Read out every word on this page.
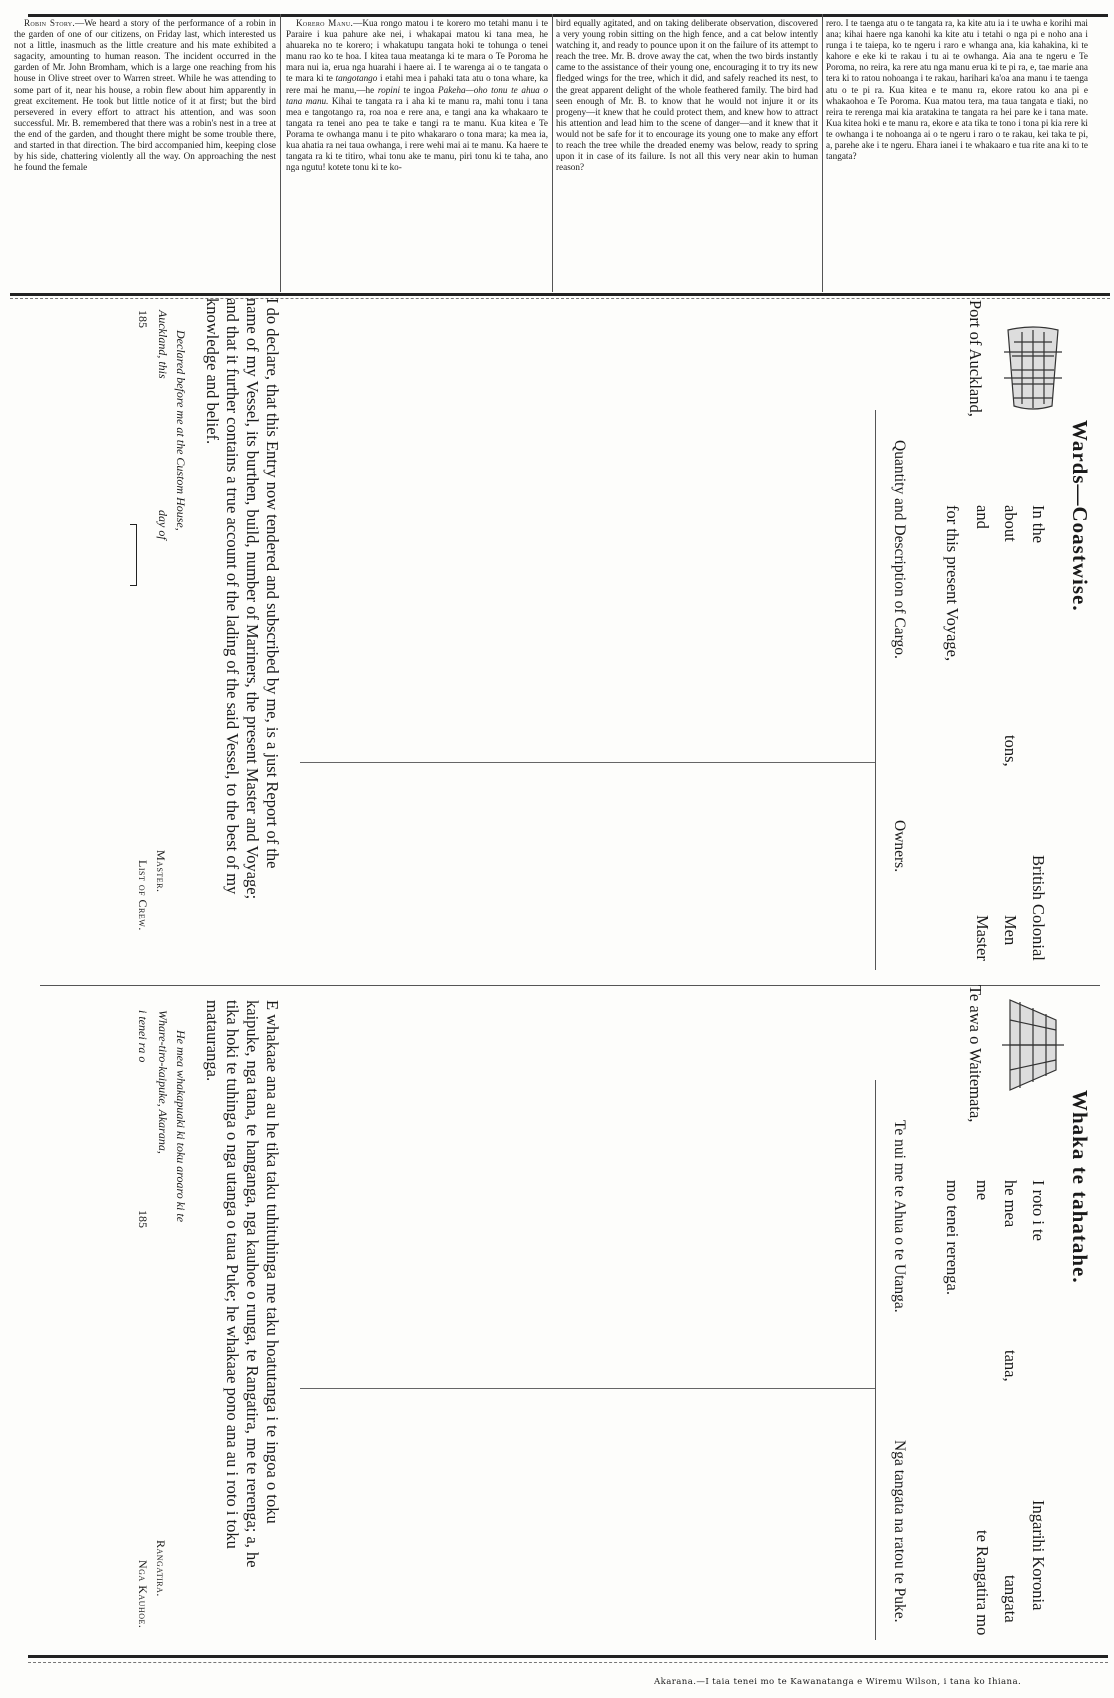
Robin Story.—We heard a story of the performance of a robin in the garden of one of our citizens, on Friday last, which interested us not a little, inasmuch as the little creature and his mate exhibited a sagacity, amounting to human reason. The incident occurred in the garden of Mr. John Bromham, which is a large one reaching from his house in Olive street over to Warren street. While he was attending to some part of it, near his house, a robin flew about him apparently in great excitement. He took but little notice of it at first; but the bird persevered in every effort to attract his attention, and was soon successful. Mr. B. remembered that there was a robin's nest in a tree at the end of the garden, and thought there might be some trouble there, and started in that direction. The bird accompanied him, keeping close by his side, chattering violently all the way. On approaching the nest he found the female

Korero Manu.—Kua rongo matou i te korero mo tetahi manu i te Paraire i kua pahure ake nei, i whakapai matou ki tana mea, he ahuareka no te korero; i whakatupu tangata hoki te tohunga o tenei manu rao ko te hoa. I kitea taua meatanga ki te mara o Te Poroma he mara nui ia, erua nga huarahi i haere ai. I te warenga ai o te tangata o te mara ki te tangotango i etahi mea i pahaki tata atu o tona whare, ka rere mai he manu,—he ropini te ingoa Pakeha—oho tonu te ahua o tana manu. Kihai te tangata ra i aha ki te manu ra, mahi tonu i tana mea e tangotango ra, roa noa e rere ana, e tangi ana ka whakaaro te tangata ra tenei ano pea te take e tangi ra te manu. Kua kitea e Te Porama te owhanga manu i te pito whakararo o tona mara; ka mea ia, kua ahatia ra nei taua owhanga, i rere wehi mai ai te manu. Ka haere te tangata ra ki te titiro, whai tonu ake te manu, piri tonu ki te taha, ano nga ngutu! kotete tonu ki te ko-

bird equally agitated, and on taking deliberate observation, discovered a very young robin sitting on the high fence, and a cat below intently watching it, and ready to pounce upon it on the failure of its attempt to reach the tree. Mr. B. drove away the cat, when the two birds instantly came to the assistance of their young one, encouraging it to try its new fledged wings for the tree, which it did, and safely reached its nest, to the great apparent delight of the whole feathered family. The bird had seen enough of Mr. B. to know that he would not injure it or its progeny—it knew that he could protect them, and knew how to attract his attention and lead him to the scene of danger—and it knew that it would not be safe for it to encourage its young one to make any effort to reach the tree while the dreaded enemy was below, ready to spring upon it in case of its failure. Is not all this very near akin to human reason?

rero. I te taenga atu o te tangata ra, ka kite atu ia i te uwha e korihi mai ana; kihai haere nga kanohi ka kite atu i tetahi o nga pi e noho ana i runga i te taiepa, ko te ngeru i raro e whanga ana, kia kahakina, ki te kahore e eke ki te rakau i tu ai te owhanga. Aia ana te ngeru e Te Poroma, no reira, ka rere atu nga manu erua ki te pi ra, e, tae marie ana tera ki to ratou nohoanga i te rakau, harihari ka'oa ana manu i te taenga atu o te pi ra. Kua kitea e te manu ra, ekore ratou ko ana pi e whakaohoa e Te Poroma. Kua matou tera, ma taua tangata e tiaki, no reira te rerenga mai kia aratakina te tangata ra hei pare ke i tana mate. Kua kitea hoki e te manu ra, ekore e ata tika te tono i tona pi kia rere ki te owhanga i te nohoanga ai o te ngeru i raro o te rakau, kei taka te pi, a, parehe ake i te ngeru. Ehara ianei i te whakaaro e tua rite ana ki to te tangata?

Wards—Coastwise.
In the
British Colonial
about
tons,
Men
and
Master
Port of Auckland,
for this present Voyage,
Quantity and Description of Cargo.
Owners.
I do declare, that this Entry now tendered and subscribed by me, is a just Report of the
name of my Vessel, its burthen, build, number of Mariners, the present Master and Voyage;
and that it further contains a true account of the lading of the said Vessel, to the best of my
knowledge and belief.
Declared before me at the Custom House,
Auckland, this
day of
185
Master.
List of Crew.
Whaka te tahatahe.
I roto i te
Ingarihi Koronia
he mea
tana,
tangata
me
te Rangatira mo
Te awa o Waitemata,
mo tenei rerenga.
Te nui me te Ahua o te Utanga.
Nga tangata na ratou te Puke.
E whakaae ana au he tika taku tuhituhinga me taku hoatutanga i te ingoa o toku
kaipuke, nga tana, te hanganga, nga kauhoe o runga, te Rangatira, me te rerenga; a, he
tika hoki te tuhinga o nga utanga o taua Puke; he whakaae pono ana au i roto i toku
matauranga.
He mea whakapuaki ki toku aroaro ki te
Whare-tiro-kaipuke, Akarana,
i tenei ra o
185
Rangatira.
Nga Kauhoe.
Akarana.—I taia tenei mo te Kawanatanga e Wiremu Wilson, i tana ko Ihiana.
